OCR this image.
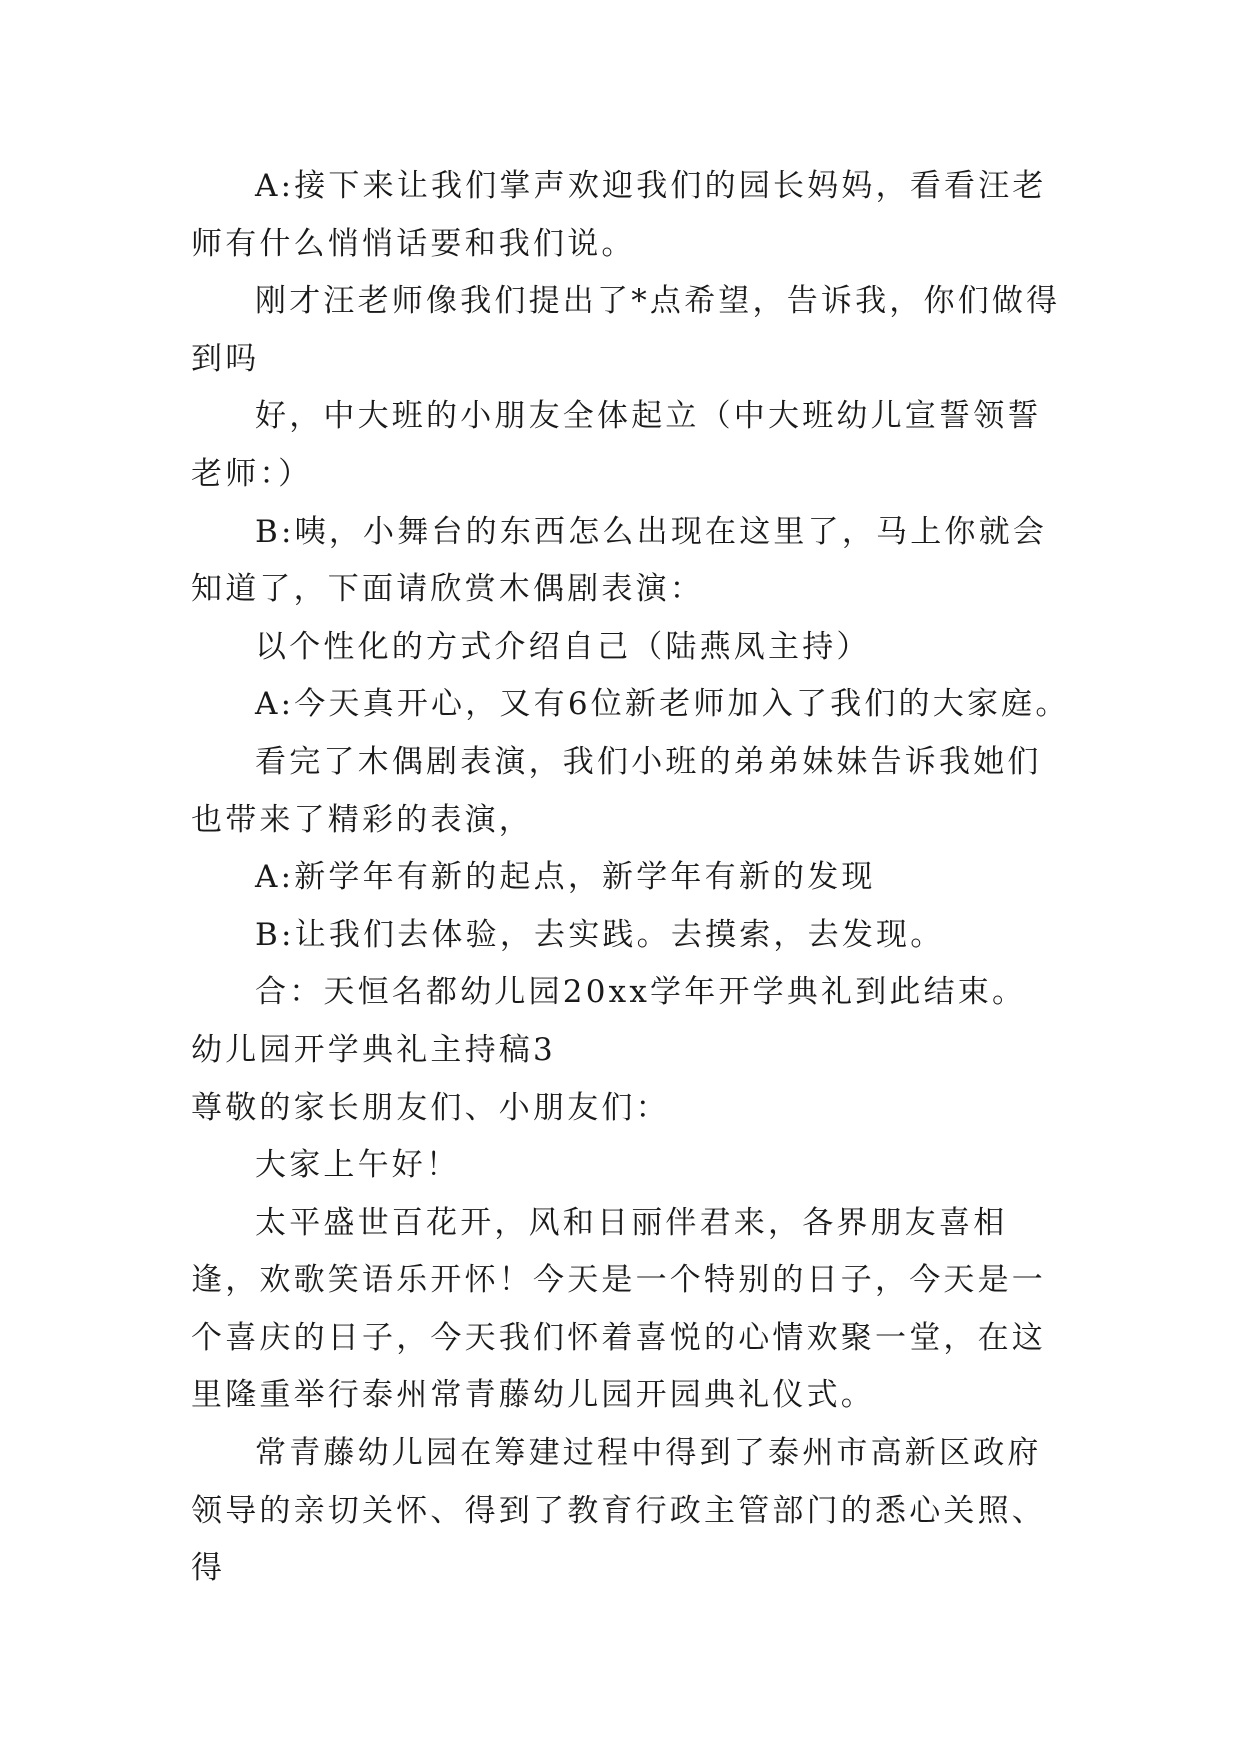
A:接下来让我们掌声欢迎我们的园长妈妈，看看汪老师有什么悄悄话要和我们说。

刚才汪老师像我们提出了*点希望，告诉我，你们做得到吗

好，中大班的小朋友全体起立（中大班幼儿宣誓领誓老师：）

B:咦，小舞台的东西怎么出现在这里了，马上你就会知道了，下面请欣赏木偶剧表演：

以个性化的方式介绍自己（陆燕凤主持）

A:今天真开心，又有6位新老师加入了我们的大家庭。

看完了木偶剧表演，我们小班的弟弟妹妹告诉我她们也带来了精彩的表演，

A:新学年有新的起点，新学年有新的发现

B:让我们去体验，去实践。去摸索，去发现。

合：天恒名都幼儿园20xx学年开学典礼到此结束。

幼儿园开学典礼主持稿3

尊敬的家长朋友们、小朋友们：

大家上午好！

太平盛世百花开，风和日丽伴君来，各界朋友喜相逢，欢歌笑语乐开怀！今天是一个特别的日子，今天是一个喜庆的日子，今天我们怀着喜悦的心情欢聚一堂，在这里隆重举行泰州常青藤幼儿园开园典礼仪式。

常青藤幼儿园在筹建过程中得到了泰州市高新区政府领导的亲切关怀、得到了教育行政主管部门的悉心关照、得
